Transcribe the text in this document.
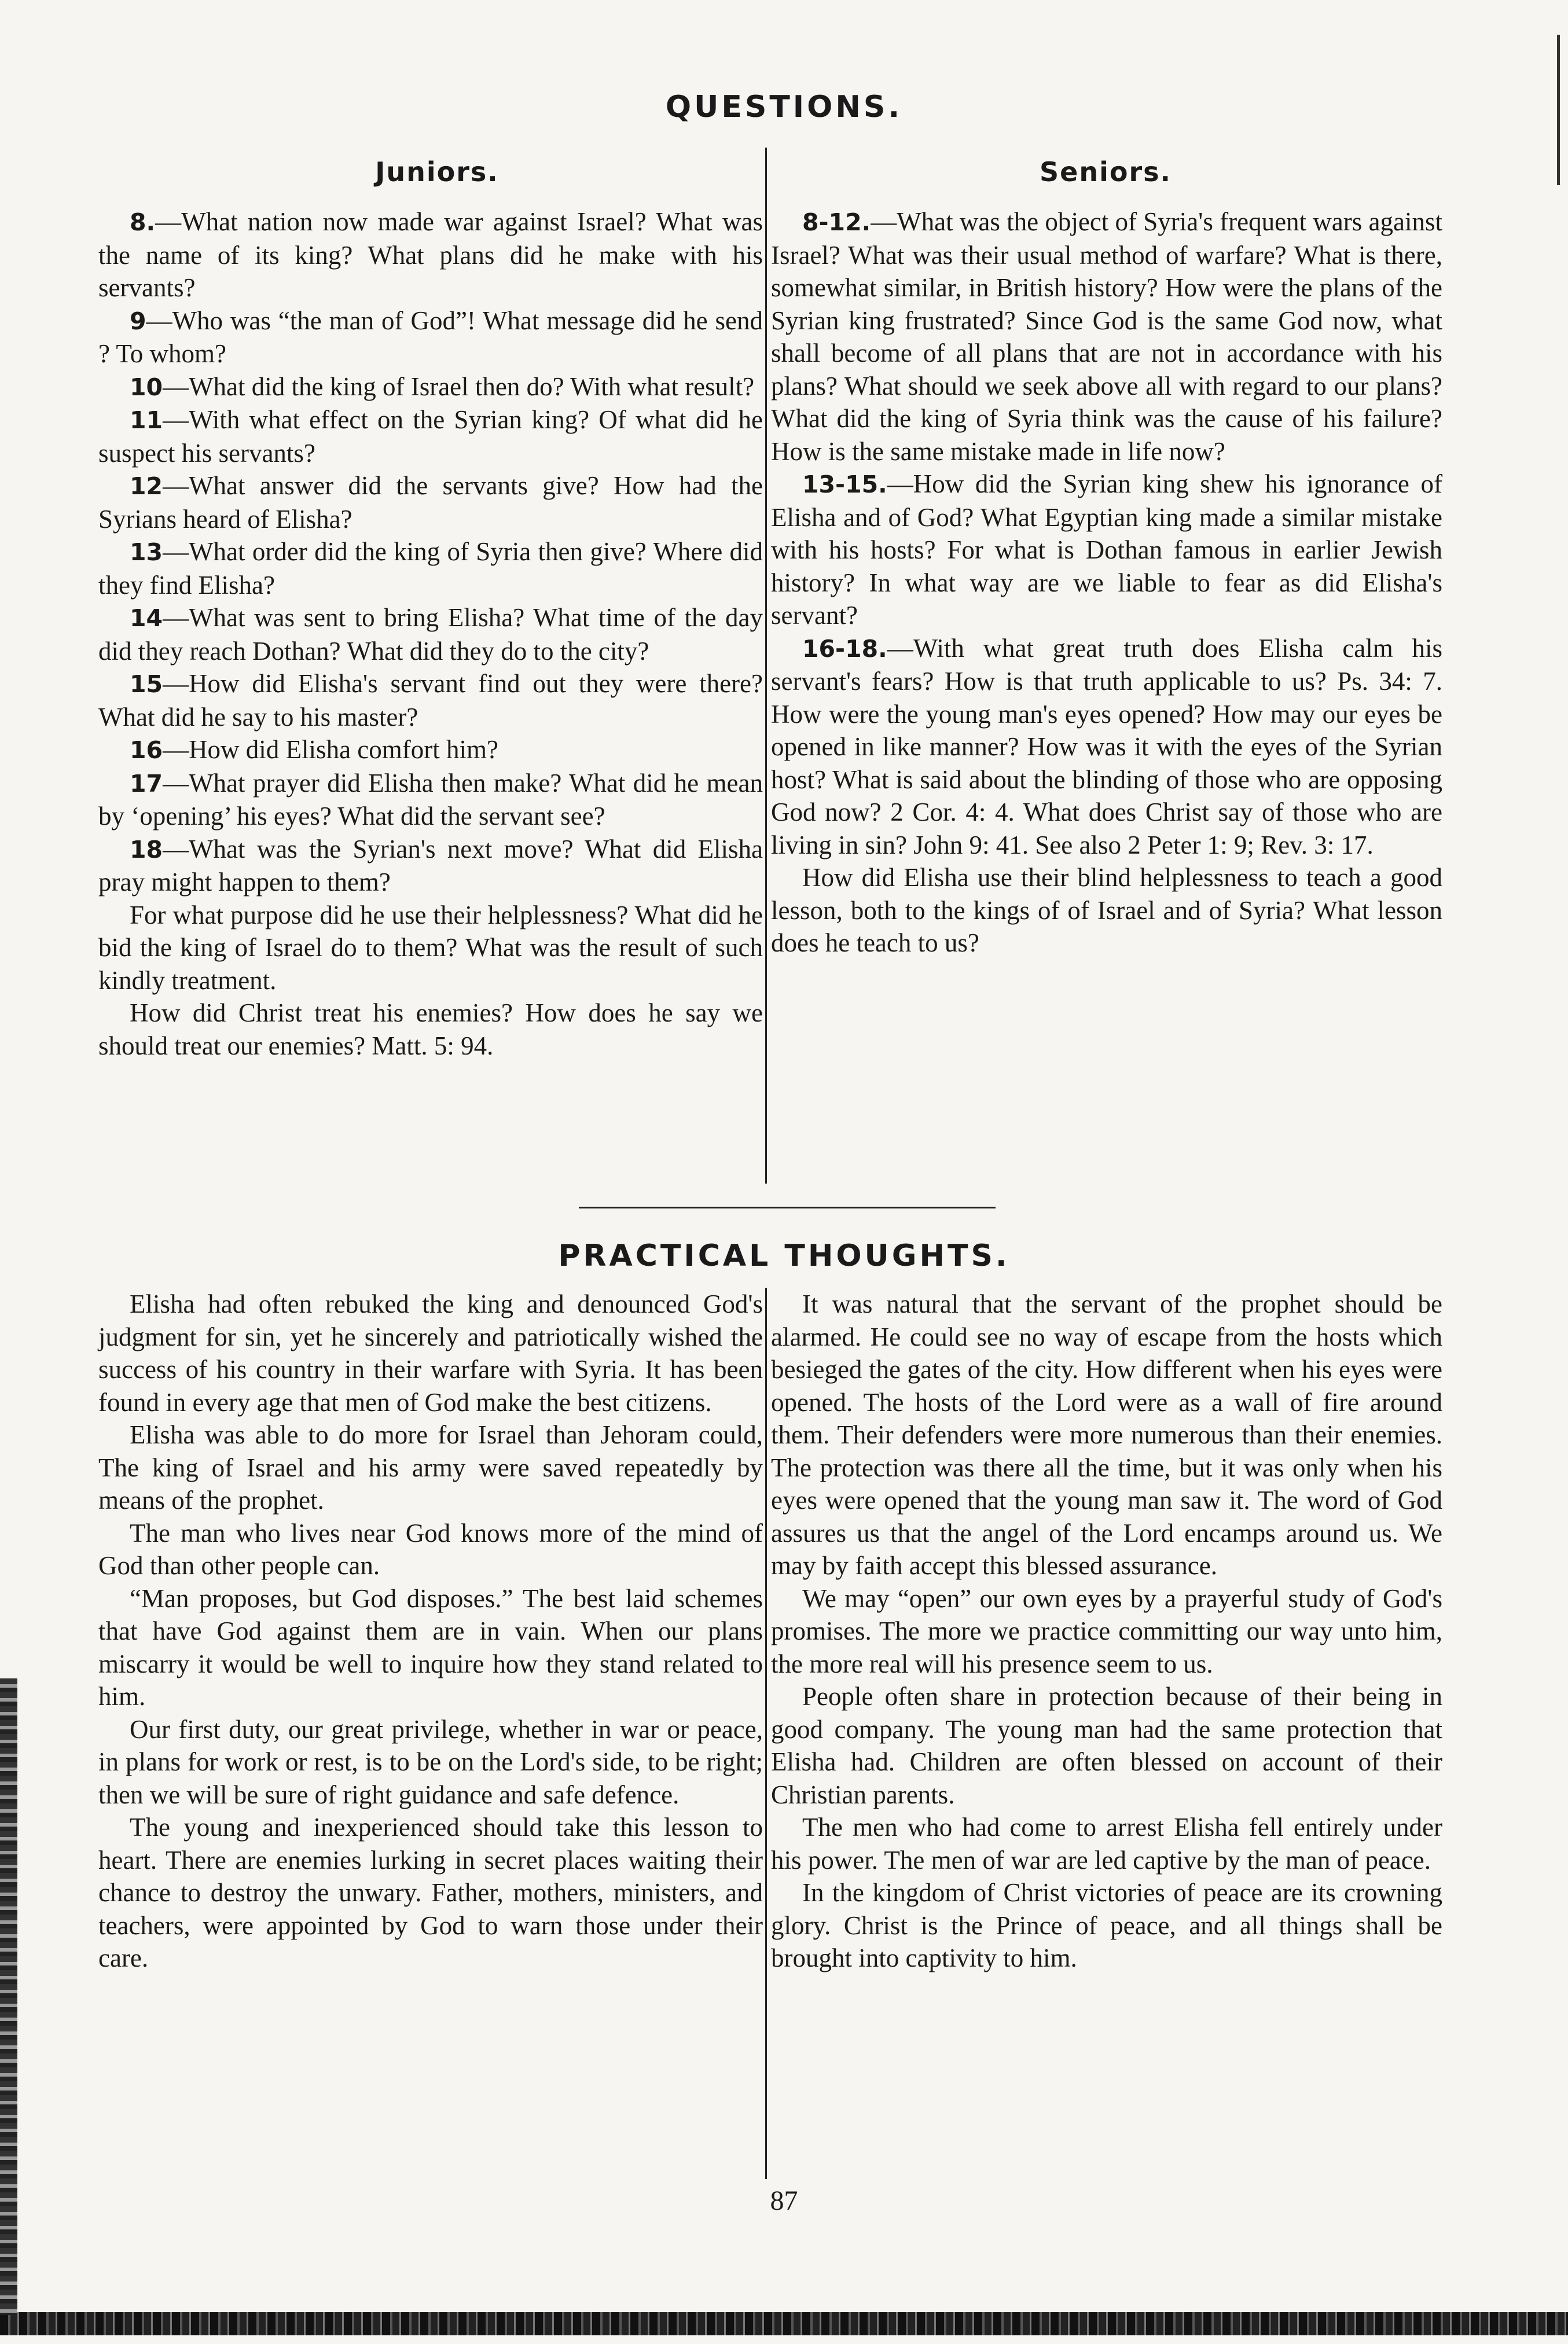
QUESTIONS.
Juniors.	Seniors.

8.—What nation now made war against Israel? What was the name of its king? What plans did he make with his servants?

9—Who was “the man of God”! What message did he send ? To whom?

10—What did the king of Israel then do? With what result?

11—With what effect on the Syrian king? Of what did he suspect his servants?

12—What answer did the servants give? How had the Syrians heard of Elisha?

13—What order did the king of Syria then give? Where did they find Elisha?

14—What was sent to bring Elisha? What time of the day did they reach Dothan? What did they do to the city?

15—How did Elisha's servant find out they were there? What did he say to his master?

16—How did Elisha comfort him?

17—What prayer did Elisha then make? What did he mean by ‘opening’ his eyes? What did the servant see?

18—What was the Syrian's next move? What did Elisha pray might happen to them?

For what purpose did he use their helplessness? What did he bid the king of Israel do to them? What was the result of such kindly treatment.

How did Christ treat his enemies? How does he say we should treat our enemies? Matt. 5: 94.

8-12.—What was the object of Syria's frequent wars against Israel? What was their usual method of warfare? What is there, somewhat similar, in British history? How were the plans of the Syrian king frustrated? Since God is the same God now, what shall become of all plans that are not in accordance with his plans? What should we seek above all with regard to our plans? What did the king of Syria think was the cause of his failure? How is the same mistake made in life now?

13-15.—How did the Syrian king shew his ignorance of Elisha and of God? What Egyptian king made a similar mistake with his hosts? For what is Dothan famous in earlier Jewish history? In what way are we liable to fear as did Elisha's servant?

16-18.—With what great truth does Elisha calm his servant's fears? How is that truth applicable to us? Ps. 34: 7. How were the young man's eyes opened? How may our eyes be opened in like manner? How was it with the eyes of the Syrian host? What is said about the blinding of those who are opposing God now? 2 Cor. 4: 4. What does Christ say of those who are living in sin? John 9: 41. See also 2 Peter 1: 9; Rev. 3: 17.

How did Elisha use their blind helplessness to teach a good lesson, both to the kings of of Israel and of Syria? What lesson does he teach to us?

PRACTICAL THOUGHTS.

Elisha had often rebuked the king and denounced God's judgment for sin, yet he sincerely and patriotically wished the success of his country in their warfare with Syria. It has been found in every age that men of God make the best citizens.

Elisha was able to do more for Israel than Jehoram could, The king of Israel and his army were saved repeatedly by means of the prophet.

The man who lives near God knows more of the mind of God than other people can.

“Man proposes, but God disposes.” The best laid schemes that have God against them are in vain. When our plans miscarry it would be well to inquire how they stand related to him.

Our first duty, our great privilege, whether in war or peace, in plans for work or rest, is to be on the Lord's side, to be right; then we will be sure of right guidance and safe defence.

The young and inexperienced should take this lesson to heart. There are enemies lurking in secret places waiting their chance to destroy the unwary. Father, mothers, ministers, and teachers, were appointed by God to warn those under their care.

It was natural that the servant of the prophet should be alarmed. He could see no way of escape from the hosts which besieged the gates of the city. How different when his eyes were opened. The hosts of the Lord were as a wall of fire around them. Their defenders were more numerous than their enemies. The protection was there all the time, but it was only when his eyes were opened that the young man saw it. The word of God assures us that the angel of the Lord encamps around us. We may by faith accept this blessed assurance.

We may “open” our own eyes by a prayerful study of God's promises. The more we practice committing our way unto him, the more real will his presence seem to us.

People often share in protection because of their being in good company. The young man had the same protection that Elisha had. Children are often blessed on account of their Christian parents.

The men who had come to arrest Elisha fell entirely under his power. The men of war are led captive by the man of peace.

In the kingdom of Christ victories of peace are its crowning glory. Christ is the Prince of peace, and all things shall be brought into captivity to him.

87
